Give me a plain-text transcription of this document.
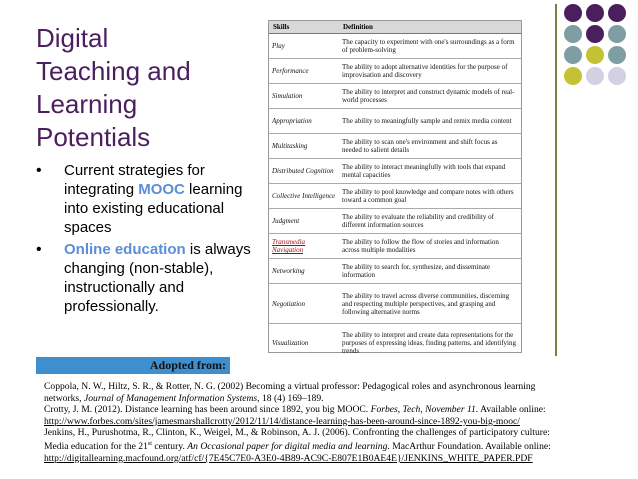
Digital
Teaching and
Learning
Potentials
• Current strategies for integrating MOOC learning into existing educational spaces
• Online education is always changing (non-stable), instructionally and professionally.
Skills	Definition
Play	The capacity to experiment with one's surroundings as a form of problem-solving
Performance	The ability to adopt alternative identities for the purpose of improvisation and discovery
Simulation	The ability to interpret and construct dynamic models of real-world processes
Appropriation	The ability to meaningfully sample and remix media content
Multitasking	The ability to scan one's environment and shift focus as needed to salient details
Distributed Cognition	The ability to interact meaningfully with tools that expand mental capacities
Collective Intelligence	The ability to pool knowledge and compare notes with others toward a common goal
Judgment	The ability to evaluate the reliability and credibility of different information sources
Transmedia Navigation	The ability to follow the flow of stories and information across multiple modalities
Networking	The ability to search for, synthesize, and disseminate information
Negotiation	The ability to travel across diverse communities, discerning and respecting multiple perspectives, and grasping and following alternative norms
Visualization	The ability to interpret and create data representations for the purposes of expressing ideas, finding patterns, and identifying trends
Adopted from:
Coppola, N. W., Hiltz, S. R., & Rotter, N. G. (2002) Becoming a virtual professor: Pedagogical roles and asynchronous learning
networks, Journal of Management Information Systems, 18 (4) 169–189.
Crotty, J. M. (2012). Distance learning has been around since 1892, you big MOOC. Forbes, Tech, November 11. Available online:
http://www.forbes.com/sites/jamesmarshallcrotty/2012/11/14/distance-learning-has-been-around-since-1892-you-big-mooc/
Jenkins, H., Purushotma, R., Clinton, K., Weigel, M., & Robinson, A. J. (2006). Confronting the challenges of participatory culture:
Media education for the 21st century. An Occasional paper for digital media and learning. MacArthur Foundation. Available online:
http://digitallearning.macfound.org/atf/cf/{7E45C7E0-A3E0-4B89-AC9C-E807E1B0AE4E}/JENKINS_WHITE_PAPER.PDF
